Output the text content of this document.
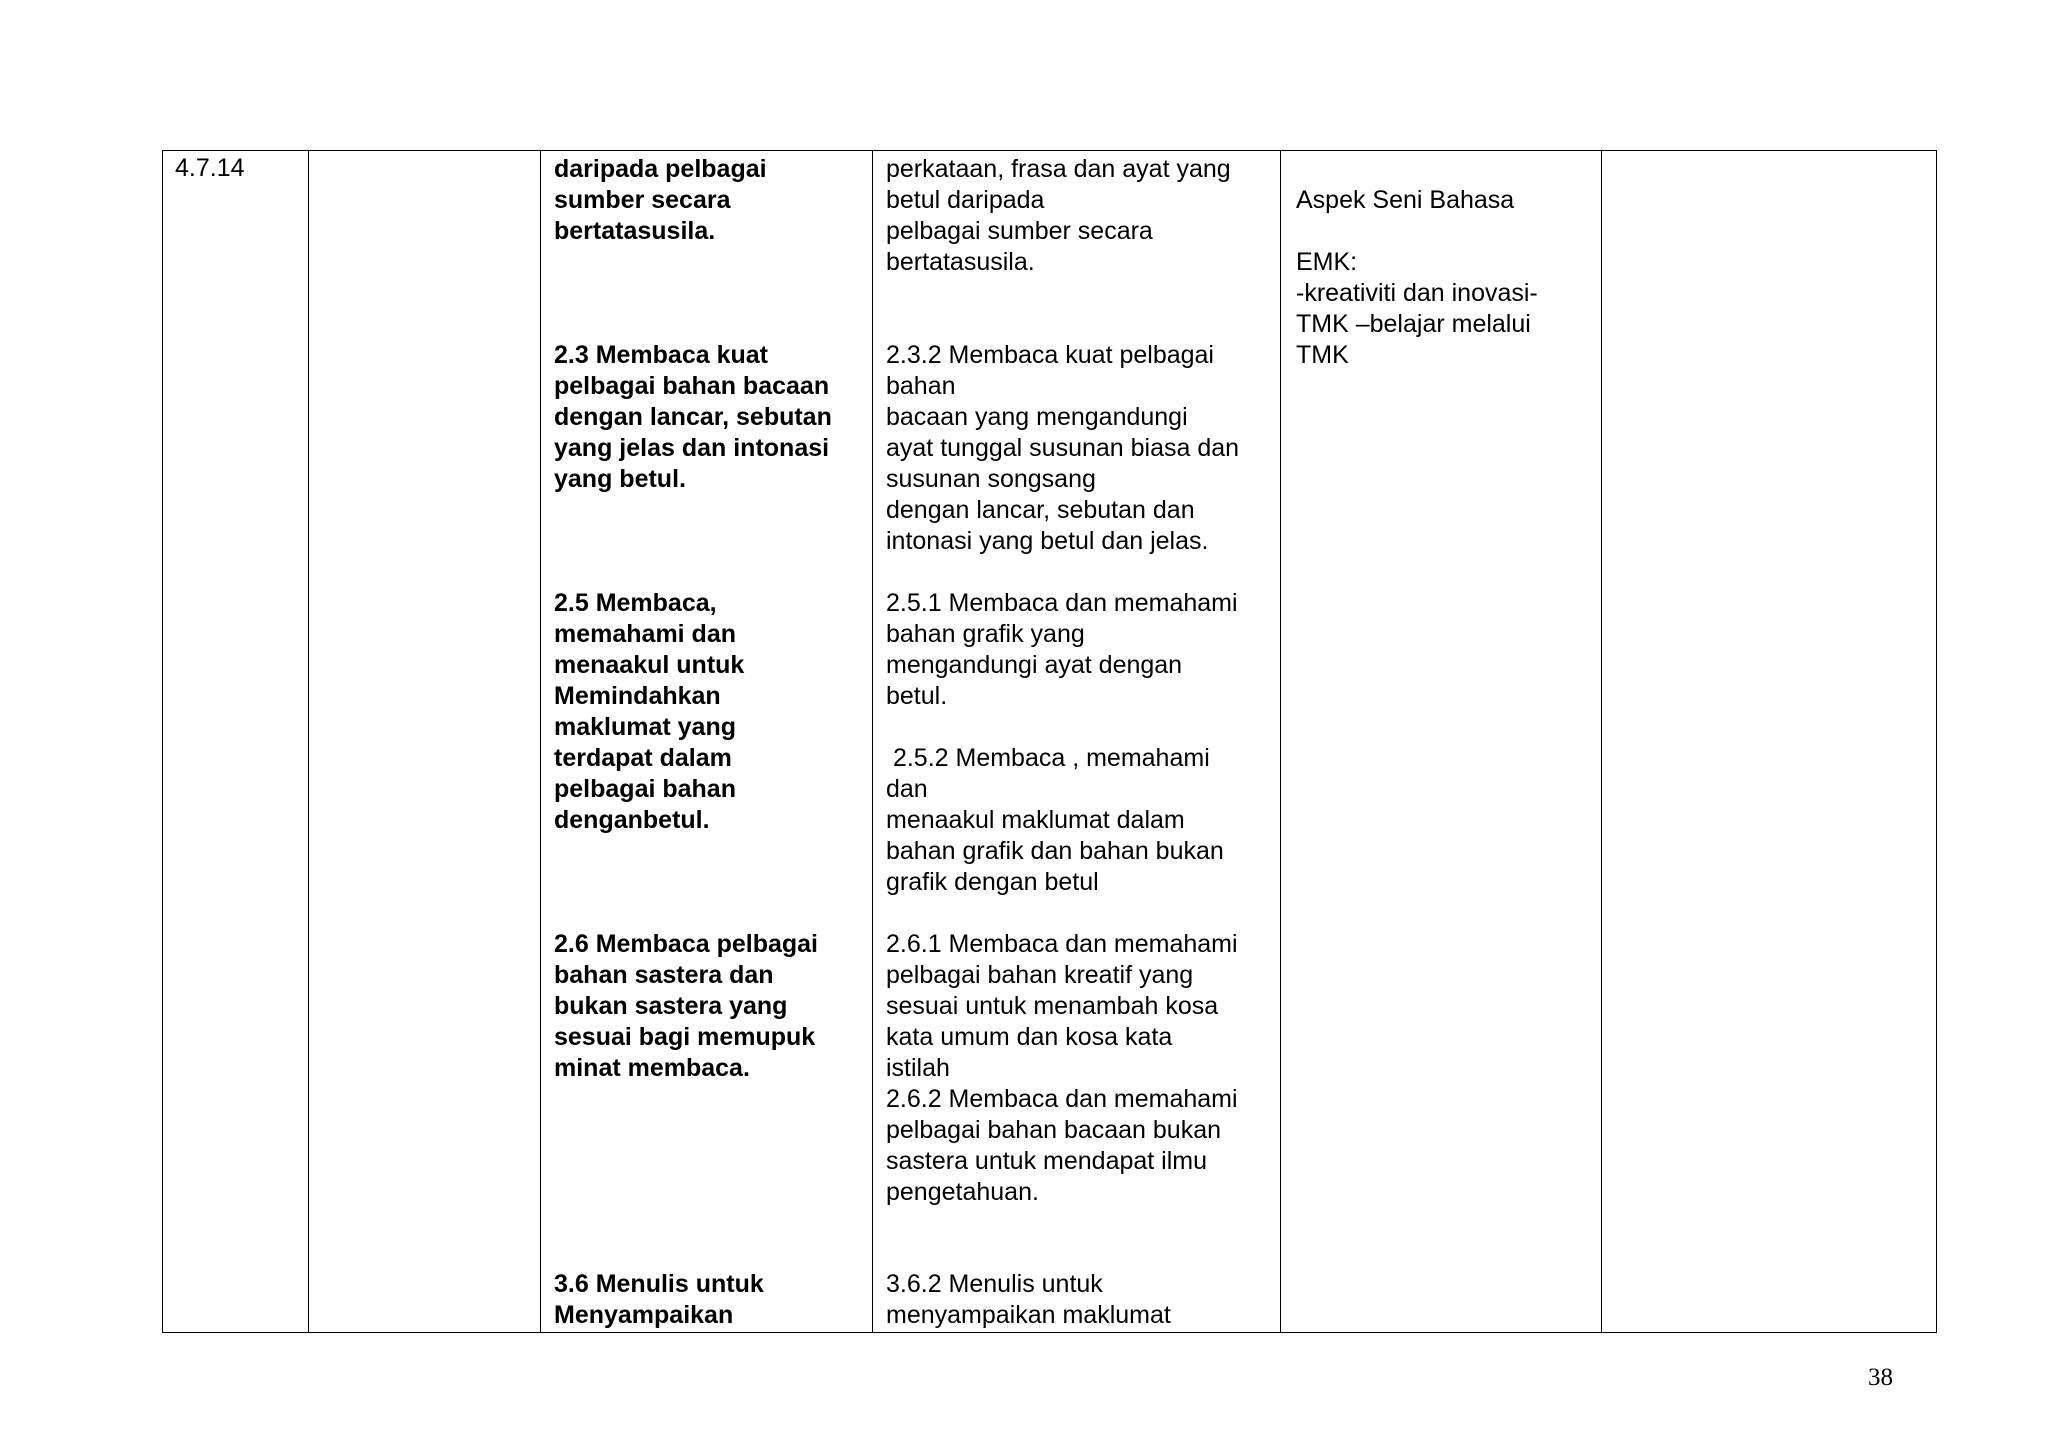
4.7.14	daripada pelbagai
sumber secara
bertatasusila.

2.3 Membaca kuat
pelbagai bahan bacaan
dengan lancar, sebutan
yang jelas dan intonasi
yang betul.

2.5 Membaca,
memahami dan
menaakul untuk
Memindahkan
maklumat yang
terdapat dalam
pelbagai bahan
denganbetul.

2.6 Membaca pelbagai
bahan sastera dan
bukan sastera yang
sesuai bagi memupuk
minat membaca.

3.6 Menulis untuk
Menyampaikan

perkataan, frasa dan ayat yang
betul daripada
pelbagai sumber secara
bertatasusila.

2.3.2 Membaca kuat pelbagai
bahan
bacaan yang mengandungi
ayat tunggal susunan biasa dan
susunan songsang
dengan lancar, sebutan dan
intonasi yang betul dan jelas.

2.5.1 Membaca dan memahami
bahan grafik yang
mengandungi ayat dengan
betul.

2.5.2 Membaca , memahami
dan
menaakul maklumat dalam
bahan grafik dan bahan bukan
grafik dengan betul

2.6.1 Membaca dan memahami
pelbagai bahan kreatif yang
sesuai untuk menambah kosa
kata umum dan kosa kata
istilah

2.6.2 Membaca dan memahami
pelbagai bahan bacaan bukan
sastera untuk mendapat ilmu
pengetahuan.

3.6.2 Menulis untuk
menyampaikan maklumat

Aspek Seni Bahasa

EMK:
-kreativiti dan inovasi-
TMK –belajar melalui
TMK

38
